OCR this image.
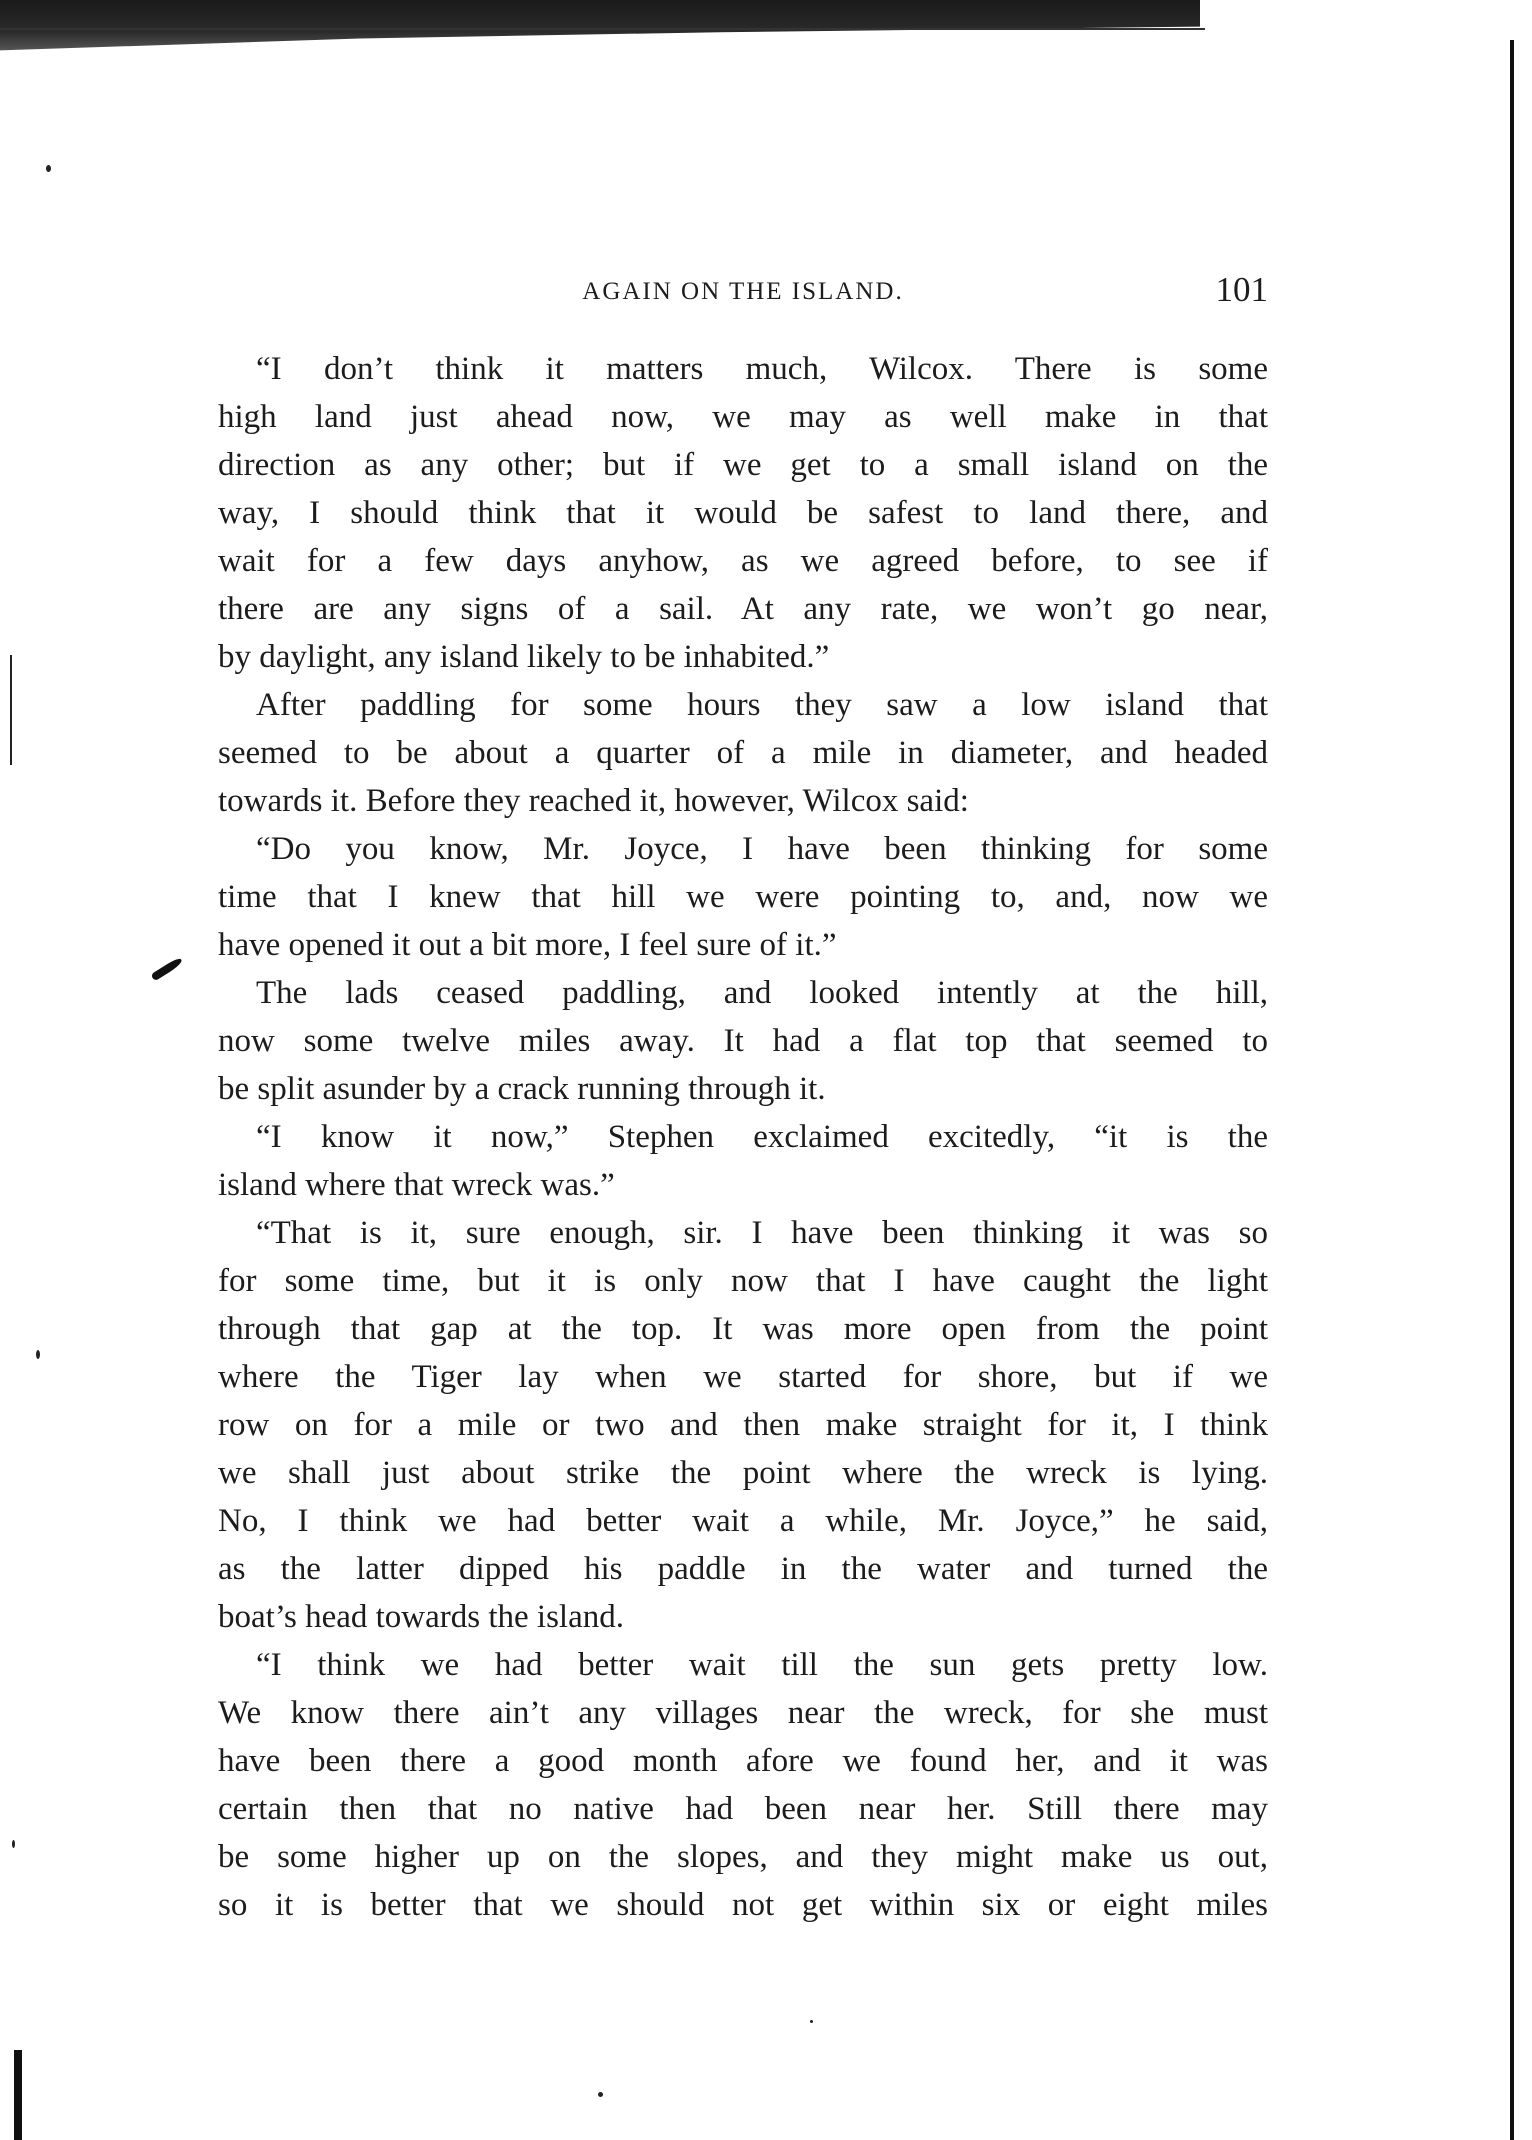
AGAIN ON THE ISLAND.	101
“I don’t think it matters much, Wilcox. There is some
high land just ahead now, we may as well make in that
direction as any other; but if we get to a small island on the
way, I should think that it would be safest to land there, and
wait for a few days anyhow, as we agreed before, to see if
there are any signs of a sail. At any rate, we won’t go near,
by daylight, any island likely to be inhabited.”
After paddling for some hours they saw a low island that
seemed to be about a quarter of a mile in diameter, and headed
towards it. Before they reached it, however, Wilcox said:
“Do you know, Mr. Joyce, I have been thinking for some
time that I knew that hill we were pointing to, and, now we
have opened it out a bit more, I feel sure of it.”
The lads ceased paddling, and looked intently at the hill,
now some twelve miles away. It had a flat top that seemed to
be split asunder by a crack running through it.
“I know it now,” Stephen exclaimed excitedly, “it is the
island where that wreck was.”
“That is it, sure enough, sir. I have been thinking it was so
for some time, but it is only now that I have caught the light
through that gap at the top. It was more open from the point
where the Tiger lay when we started for shore, but if we
row on for a mile or two and then make straight for it, I think
we shall just about strike the point where the wreck is lying.
No, I think we had better wait a while, Mr. Joyce,” he said,
as the latter dipped his paddle in the water and turned the
boat’s head towards the island.
“I think we had better wait till the sun gets pretty low.
We know there ain’t any villages near the wreck, for she must
have been there a good month afore we found her, and it was
certain then that no native had been near her. Still there may
be some higher up on the slopes, and they might make us out,
so it is better that we should not get within six or eight miles
